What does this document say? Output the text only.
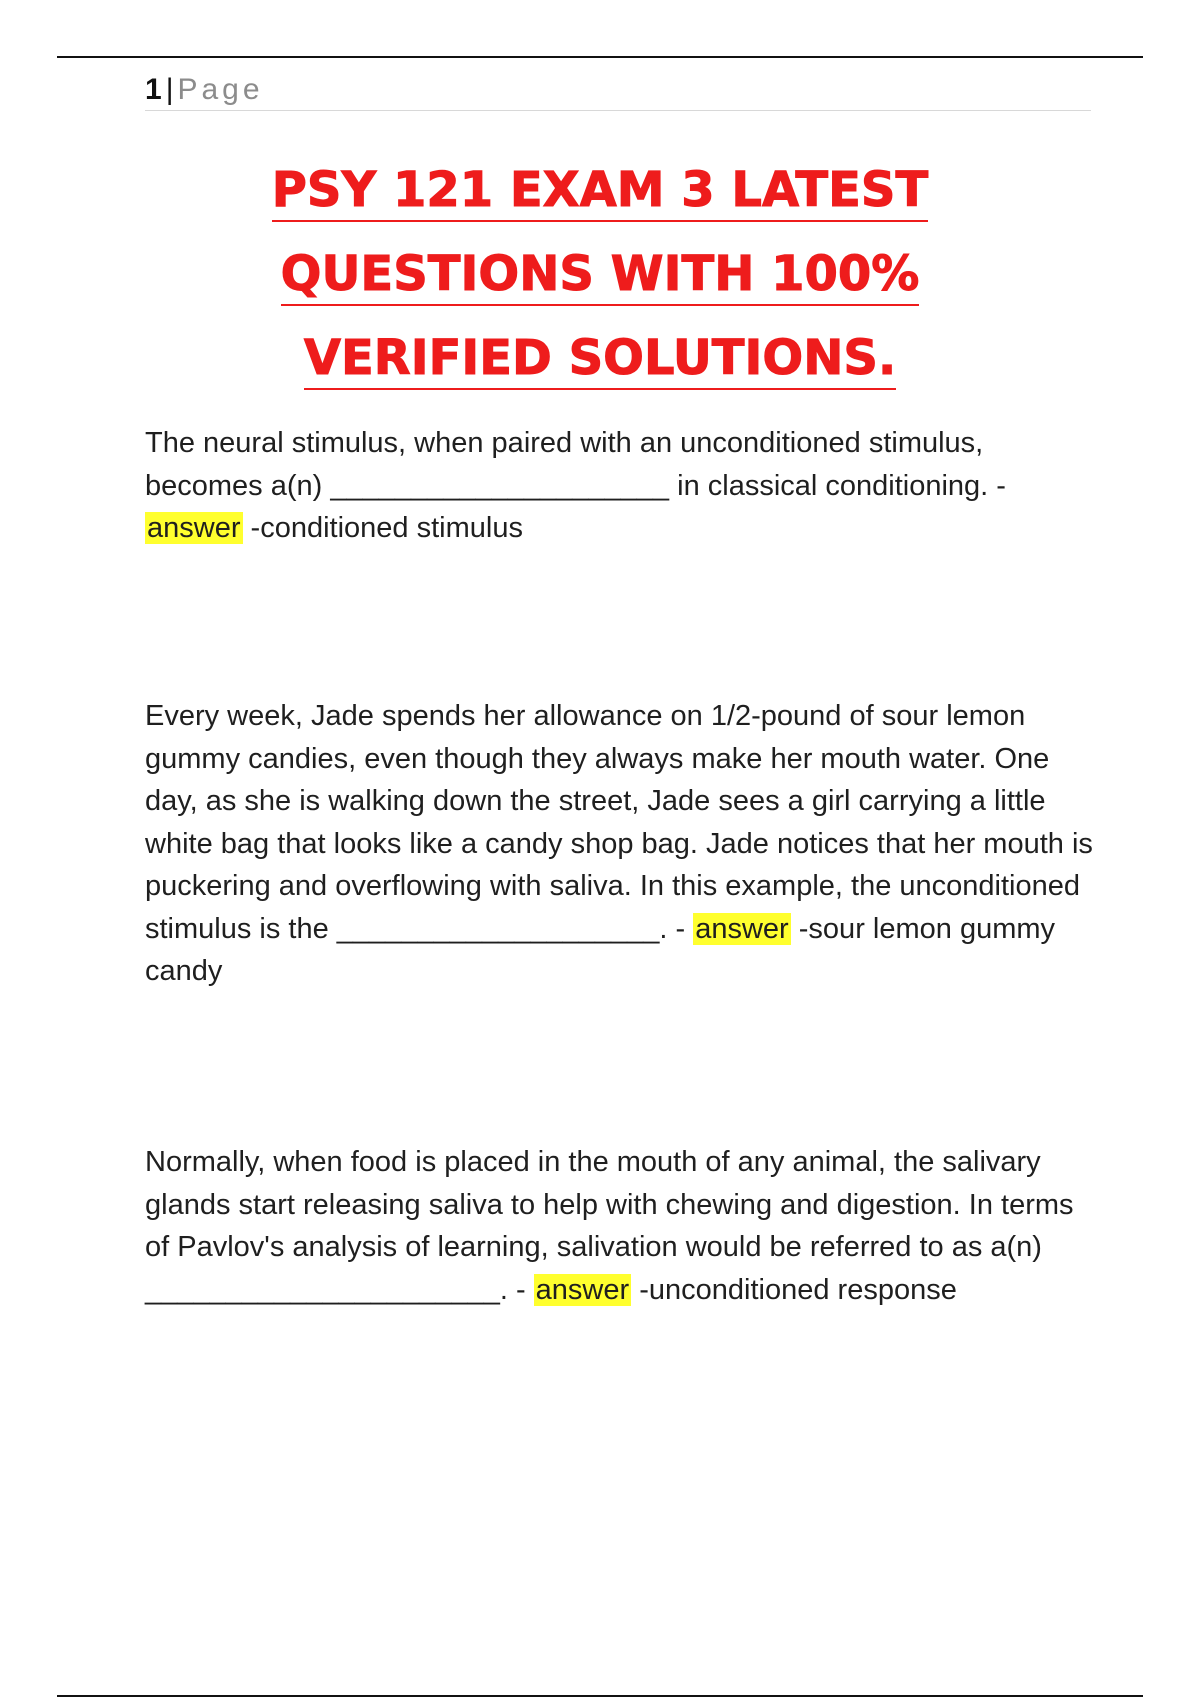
1 | Page
PSY 121 EXAM 3 LATEST
QUESTIONS WITH 100%
VERIFIED SOLUTIONS.
The neural stimulus, when paired with an unconditioned stimulus, becomes a(n) _____________________ in classical conditioning. - answer -conditioned stimulus
Every week, Jade spends her allowance on 1/2-pound of sour lemon gummy candies, even though they always make her mouth water. One day, as she is walking down the street, Jade sees a girl carrying a little white bag that looks like a candy shop bag. Jade notices that her mouth is puckering and overflowing with saliva. In this example, the unconditioned stimulus is the ____________________. - answer -sour lemon gummy candy
Normally, when food is placed in the mouth of any animal, the salivary glands start releasing saliva to help with chewing and digestion. In terms of Pavlov's analysis of learning, salivation would be referred to as a(n) ______________________. - answer -unconditioned response
